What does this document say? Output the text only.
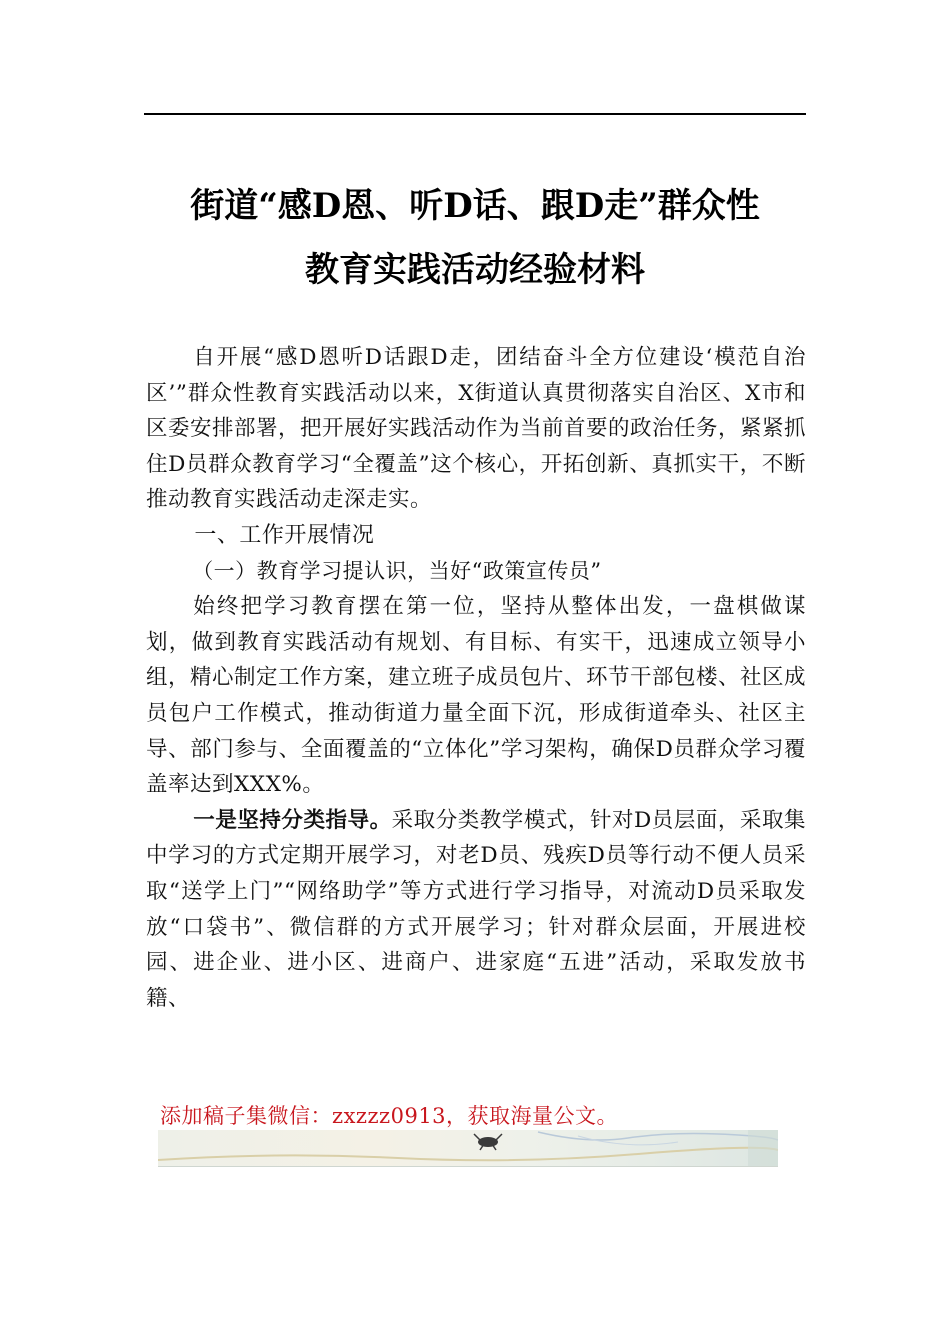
街道“感D恩、听D话、跟D走”群众性
教育实践活动经验材料

自开展“感D恩听D话跟D走，团结奋斗全方位建设‘模范自治区’”群众性教育实践活动以来，X街道认真贯彻落实自治区、X市和区委安排部署，把开展好实践活动作为当前首要的政治任务，紧紧抓住D员群众教育学习“全覆盖”这个核心，开拓创新、真抓实干，不断推动教育实践活动走深走实。

一、工作开展情况

（一）教育学习提认识，当好“政策宣传员”

始终把学习教育摆在第一位，坚持从整体出发，一盘棋做谋划，做到教育实践活动有规划、有目标、有实干，迅速成立领导小组，精心制定工作方案，建立班子成员包片、环节干部包楼、社区成员包户工作模式，推动街道力量全面下沉，形成街道牵头、社区主导、部门参与、全面覆盖的“立体化”学习架构，确保D员群众学习覆盖率达到XXX%。

一是坚持分类指导。采取分类教学模式，针对D员层面，采取集中学习的方式定期开展学习，对老D员、残疾D员等行动不便人员采取“送学上门”“网络助学”等方式进行学习指导，对流动D员采取发放“口袋书”、微信群的方式开展学习；针对群众层面，开展进校园、进企业、进小区、进商户、进家庭“五进”活动，采取发放书籍、

添加稿子集微信：zxzzz0913，获取海量公文。
